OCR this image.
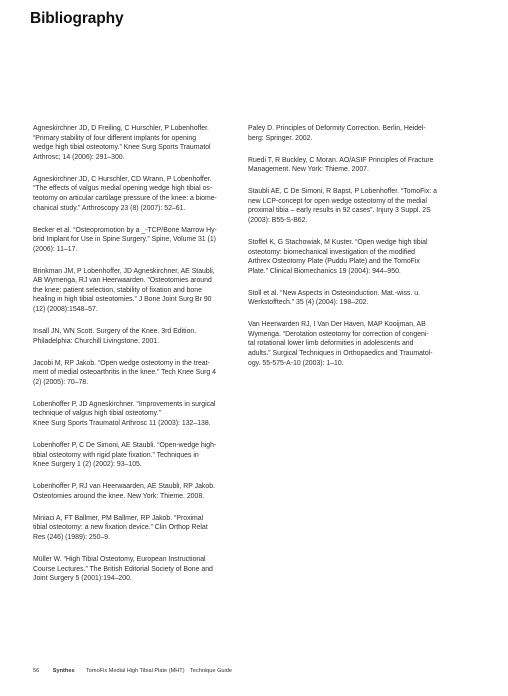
Bibliography
Agneskirchner JD, D Freiling, C Hurschler, P Lobenhoffer.
“Primary stability of four different implants for opening
wedge high tibial osteotomy.” Knee Surg Sports Traumatol
Arthrosc; 14 (2006): 291–300.
Agneskirchner JD, C Hurschler, CD Wrann, P Lobenhoffer.
“The effects of valgus medial opening wedge high tibial os-
teotomy on articular cartilage pressure of the knee: a biome-
chanical study.” Arthroscopy 23 (8) (2007): 52–61.
Becker et al. “Osteopromotion by a _-TCP/Bone Marrow Hy-
brid Implant for Use in Spine Surgery.” Spine, Volume 31 (1)
(2006): 11–17.
Brinkman JM, P Lobenhoffer, JD Agneskirchner, AE Staubli,
AB Wymenga, RJ van Heerwaarden. “Osteotomies around
the knee: patient selection, stability of fixation and bone
healing in high tibial osteotomies.” J Bone Joint Surg Br 90
(12) (2008):1548–57.
Insall JN, WN Scott. Surgery of the Knee. 3rd Edition.
Philadelphia: Churchill Livingstone. 2001.
Jacobi M, RP Jakob. “Open wedge osteotomy in the treat-
ment of medial osteoarthritis in the knee.” Tech Knee Surg 4
(2) (2005): 70–78.
Lobenhoffer P, JD Agneskirchner. “Improvements in surgical
technique of valgus high tibial osteotomy.”
Knee Surg Sports Traumatol Arthrosc 11 (2003): 132–138.
Lobenhoffer P, C De Simoni, AE Staubli. “Open-wedge high-
tibial osteotomy with rigid plate fixation.” Techniques in
Knee Surgery 1 (2) (2002): 93–105.
Lobenhoffer P, RJ van Heerwaarden, AE Staubli, RP Jakob.
Osteotomies around the knee. New York: Thieme. 2008.
Miniaci A, FT Ballmer, PM Ballmer, RP Jakob. “Proximal
tibial osteotomy: a new fixation device.” Clin Orthop Relat
Res (246) (1989): 250–9.
Müller W. “High Tibial Osteotomy, European Instructional
Course Lectures.” The British Editorial Society of Bone and
Joint Surgery 5 (2001):194–200.
Paley D. Principles of Deformity Correction. Berlin, Heidel-
berg: Springer. 2002.
Ruedi T, R Buckley, C Moran. AO/ASIF Principles of Fracture
Management. New York: Thieme. 2007.
Staubli AE, C De Simoni, R Bapst, P Lobenhoffer. “TomoFix: a
new LCP-concept for open wedge osteotomy of the medial
proximal tibia – early results in 92 cases”. Injury 3 Suppl. 2S
(2003): B55-S-B62.
Stoffel K, G Stachowiak, M Kuster. “Open wedge high tibial
osteotomy: biomechanical investigation of the modified
Arthrex Osteotomy Plate (Puddu Plate) and the TomoFix
Plate.” Clinical Biomechanics 19 (2004): 944–950.
Stoll et al. “New Aspects in Osteoinduction. Mat.-wiss. u.
Werkstofftech.” 35 (4) (2004): 198–202.
Van Heerwarden RJ, I Van Der Haven, MAP Kooijman, AB
Wymenga. “Derotation osteotomy for correction of congeni-
tal rotational lower limb deformities in adolescents and
adults.” Surgical Techniques in Orthopaedics and Traumatol-
ogy. 55-575-A-10 (2003): 1–10.
56 Synthes TomoFix Medial High Tibial Plate (MHT) Technique Guide
